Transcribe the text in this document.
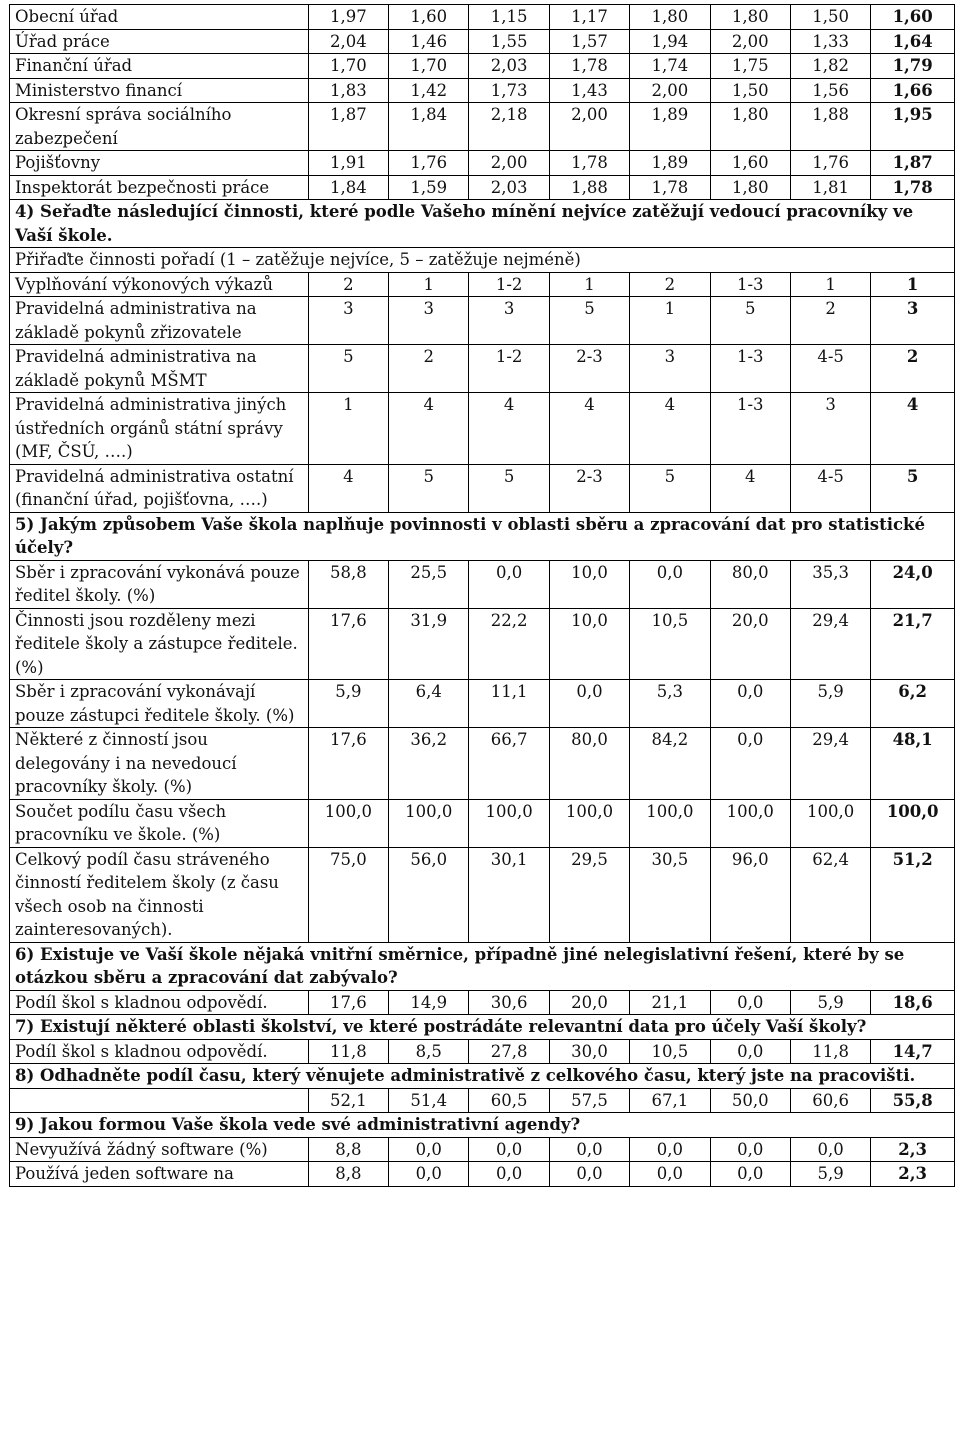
Obecní úřad	1,97	1,60	1,15	1,17	1,80	1,80	1,50	1,60
Úřad práce	2,04	1,46	1,55	1,57	1,94	2,00	1,33	1,64
Finanční úřad	1,70	1,70	2,03	1,78	1,74	1,75	1,82	1,79
Ministerstvo financí	1,83	1,42	1,73	1,43	2,00	1,50	1,56	1,66
Okresní správa sociálního zabezpečení	1,87	1,84	2,18	2,00	1,89	1,80	1,88	1,95
Pojišťovny	1,91	1,76	2,00	1,78	1,89	1,60	1,76	1,87
Inspektorát bezpečnosti práce	1,84	1,59	2,03	1,88	1,78	1,80	1,81	1,78
4) Seřaďte následující činnosti, které podle Vašeho mínění nejvíce zatěžují vedoucí pracovníky ve Vaší škole.								
Přiřaďte činnosti pořadí (1 – zatěžuje nejvíce, 5 – zatěžuje nejméně)								
Vyplňování výkonových výkazů	2	1	1-2	1	2	1-3	1	1
Pravidelná administrativa na základě pokynů zřizovatele	3	3	3	5	1	5	2	3
Pravidelná administrativa na základě pokynů MŠMT	5	2	1-2	2-3	3	1-3	4-5	2
Pravidelná administrativa jiných ústředních orgánů státní správy (MF, ČSÚ, ….)	1	4	4	4	4	1-3	3	4
Pravidelná administrativa ostatní (finanční úřad, pojišťovna, ….)	4	5	5	2-3	5	4	4-5	5
5) Jakým způsobem Vaše škola naplňuje povinnosti v oblasti sběru a zpracování dat pro statistické účely?								
Sběr i zpracování vykonává pouze ředitel školy. (%)	58,8	25,5	0,0	10,0	0,0	80,0	35,3	24,0
Činnosti jsou rozděleny mezi ředitele školy a zástupce ředitele. (%)	17,6	31,9	22,2	10,0	10,5	20,0	29,4	21,7
Sběr i zpracování vykonávají pouze zástupci ředitele školy. (%)	5,9	6,4	11,1	0,0	5,3	0,0	5,9	6,2
Některé z činností jsou delegovány i na nevedoucí pracovníky školy. (%)	17,6	36,2	66,7	80,0	84,2	0,0	29,4	48,1
Součet podílu času všech pracovníku ve škole. (%)	100,0	100,0	100,0	100,0	100,0	100,0	100,0	100,0
Celkový podíl času stráveného činností ředitelem školy (z času všech osob na činnosti zainteresovaných).	75,0	56,0	30,1	29,5	30,5	96,0	62,4	51,2
6) Existuje ve Vaší škole nějaká vnitřní směrnice, případně jiné nelegislativní řešení, které by se otázkou sběru a zpracování dat zabývalo?								
Podíl škol s kladnou odpovědí.	17,6	14,9	30,6	20,0	21,1	0,0	5,9	18,6
7) Existují některé oblasti školství, ve které postrádáte relevantní data pro účely Vaší školy?								
Podíl škol s kladnou odpovědí.	11,8	8,5	27,8	30,0	10,5	0,0	11,8	14,7
8) Odhadněte podíl času, který věnujete administrativě z celkového času, který jste na pracovišti.								
	52,1	51,4	60,5	57,5	67,1	50,0	60,6	55,8
9) Jakou formou Vaše škola vede své administrativní agendy?								
Nevyužívá žádný software (%)	8,8	0,0	0,0	0,0	0,0	0,0	0,0	2,3
Používá jeden software na	8,8	0,0	0,0	0,0	0,0	0,0	5,9	2,3
